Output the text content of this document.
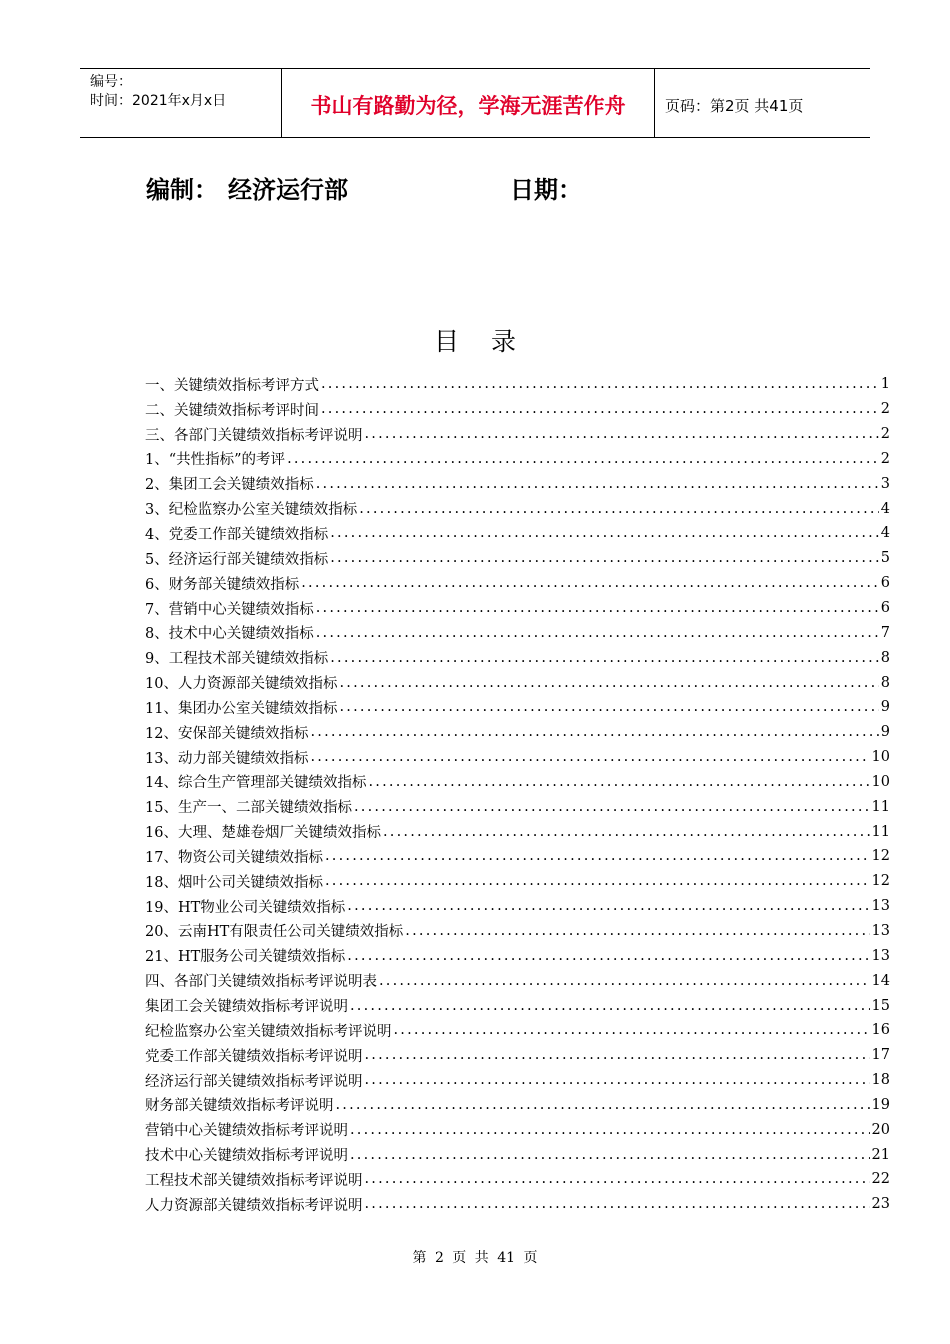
编号：
时间：2021年x月x日	书山有路勤为径，学海无涯苦作舟	页码：第2页 共41页
编制： 经济运行部	日期：
目录
一、关键绩效指标考评方式 .....	1
二、关键绩效指标考评时间 .....	2
三、各部门关键绩效指标考评说明 .....	2
1、“共性指标”的考评 .....	2
2、集团工会关键绩效指标 .....	3
3、纪检监察办公室关键绩效指标 .....	4
4、党委工作部关键绩效指标 .....	4
5、经济运行部关键绩效指标 .....	5
6、财务部关键绩效指标 .....	6
7、营销中心关键绩效指标 .....	6
8、技术中心关键绩效指标 .....	7
9、工程技术部关键绩效指标 .....	8
10、人力资源部关键绩效指标 .....	8
11、集团办公室关键绩效指标 .....	9
12、安保部关键绩效指标 .....	9
13、动力部关键绩效指标 .....	10
14、综合生产管理部关键绩效指标 .....	10
15、生产一、二部关键绩效指标 .....	11
16、大理、楚雄卷烟厂关键绩效指标 .....	11
17、物资公司关键绩效指标 .....	12
18、烟叶公司关键绩效指标 .....	12
19、HT物业公司关键绩效指标 .....	13
20、云南HT有限责任公司关键绩效指标 .....	13
21、HT服务公司关键绩效指标 .....	13
四、各部门关键绩效指标考评说明表 .....	14
集团工会关键绩效指标考评说明 .....	15
纪检监察办公室关键绩效指标考评说明 .....	16
党委工作部关键绩效指标考评说明 .....	17
经济运行部关键绩效指标考评说明 .....	18
财务部关键绩效指标考评说明 .....	19
营销中心关键绩效指标考评说明 .....	20
技术中心关键绩效指标考评说明 .....	21
工程技术部关键绩效指标考评说明 .....	22
人力资源部关键绩效指标考评说明 .....	23
第 2 页 共 41 页
